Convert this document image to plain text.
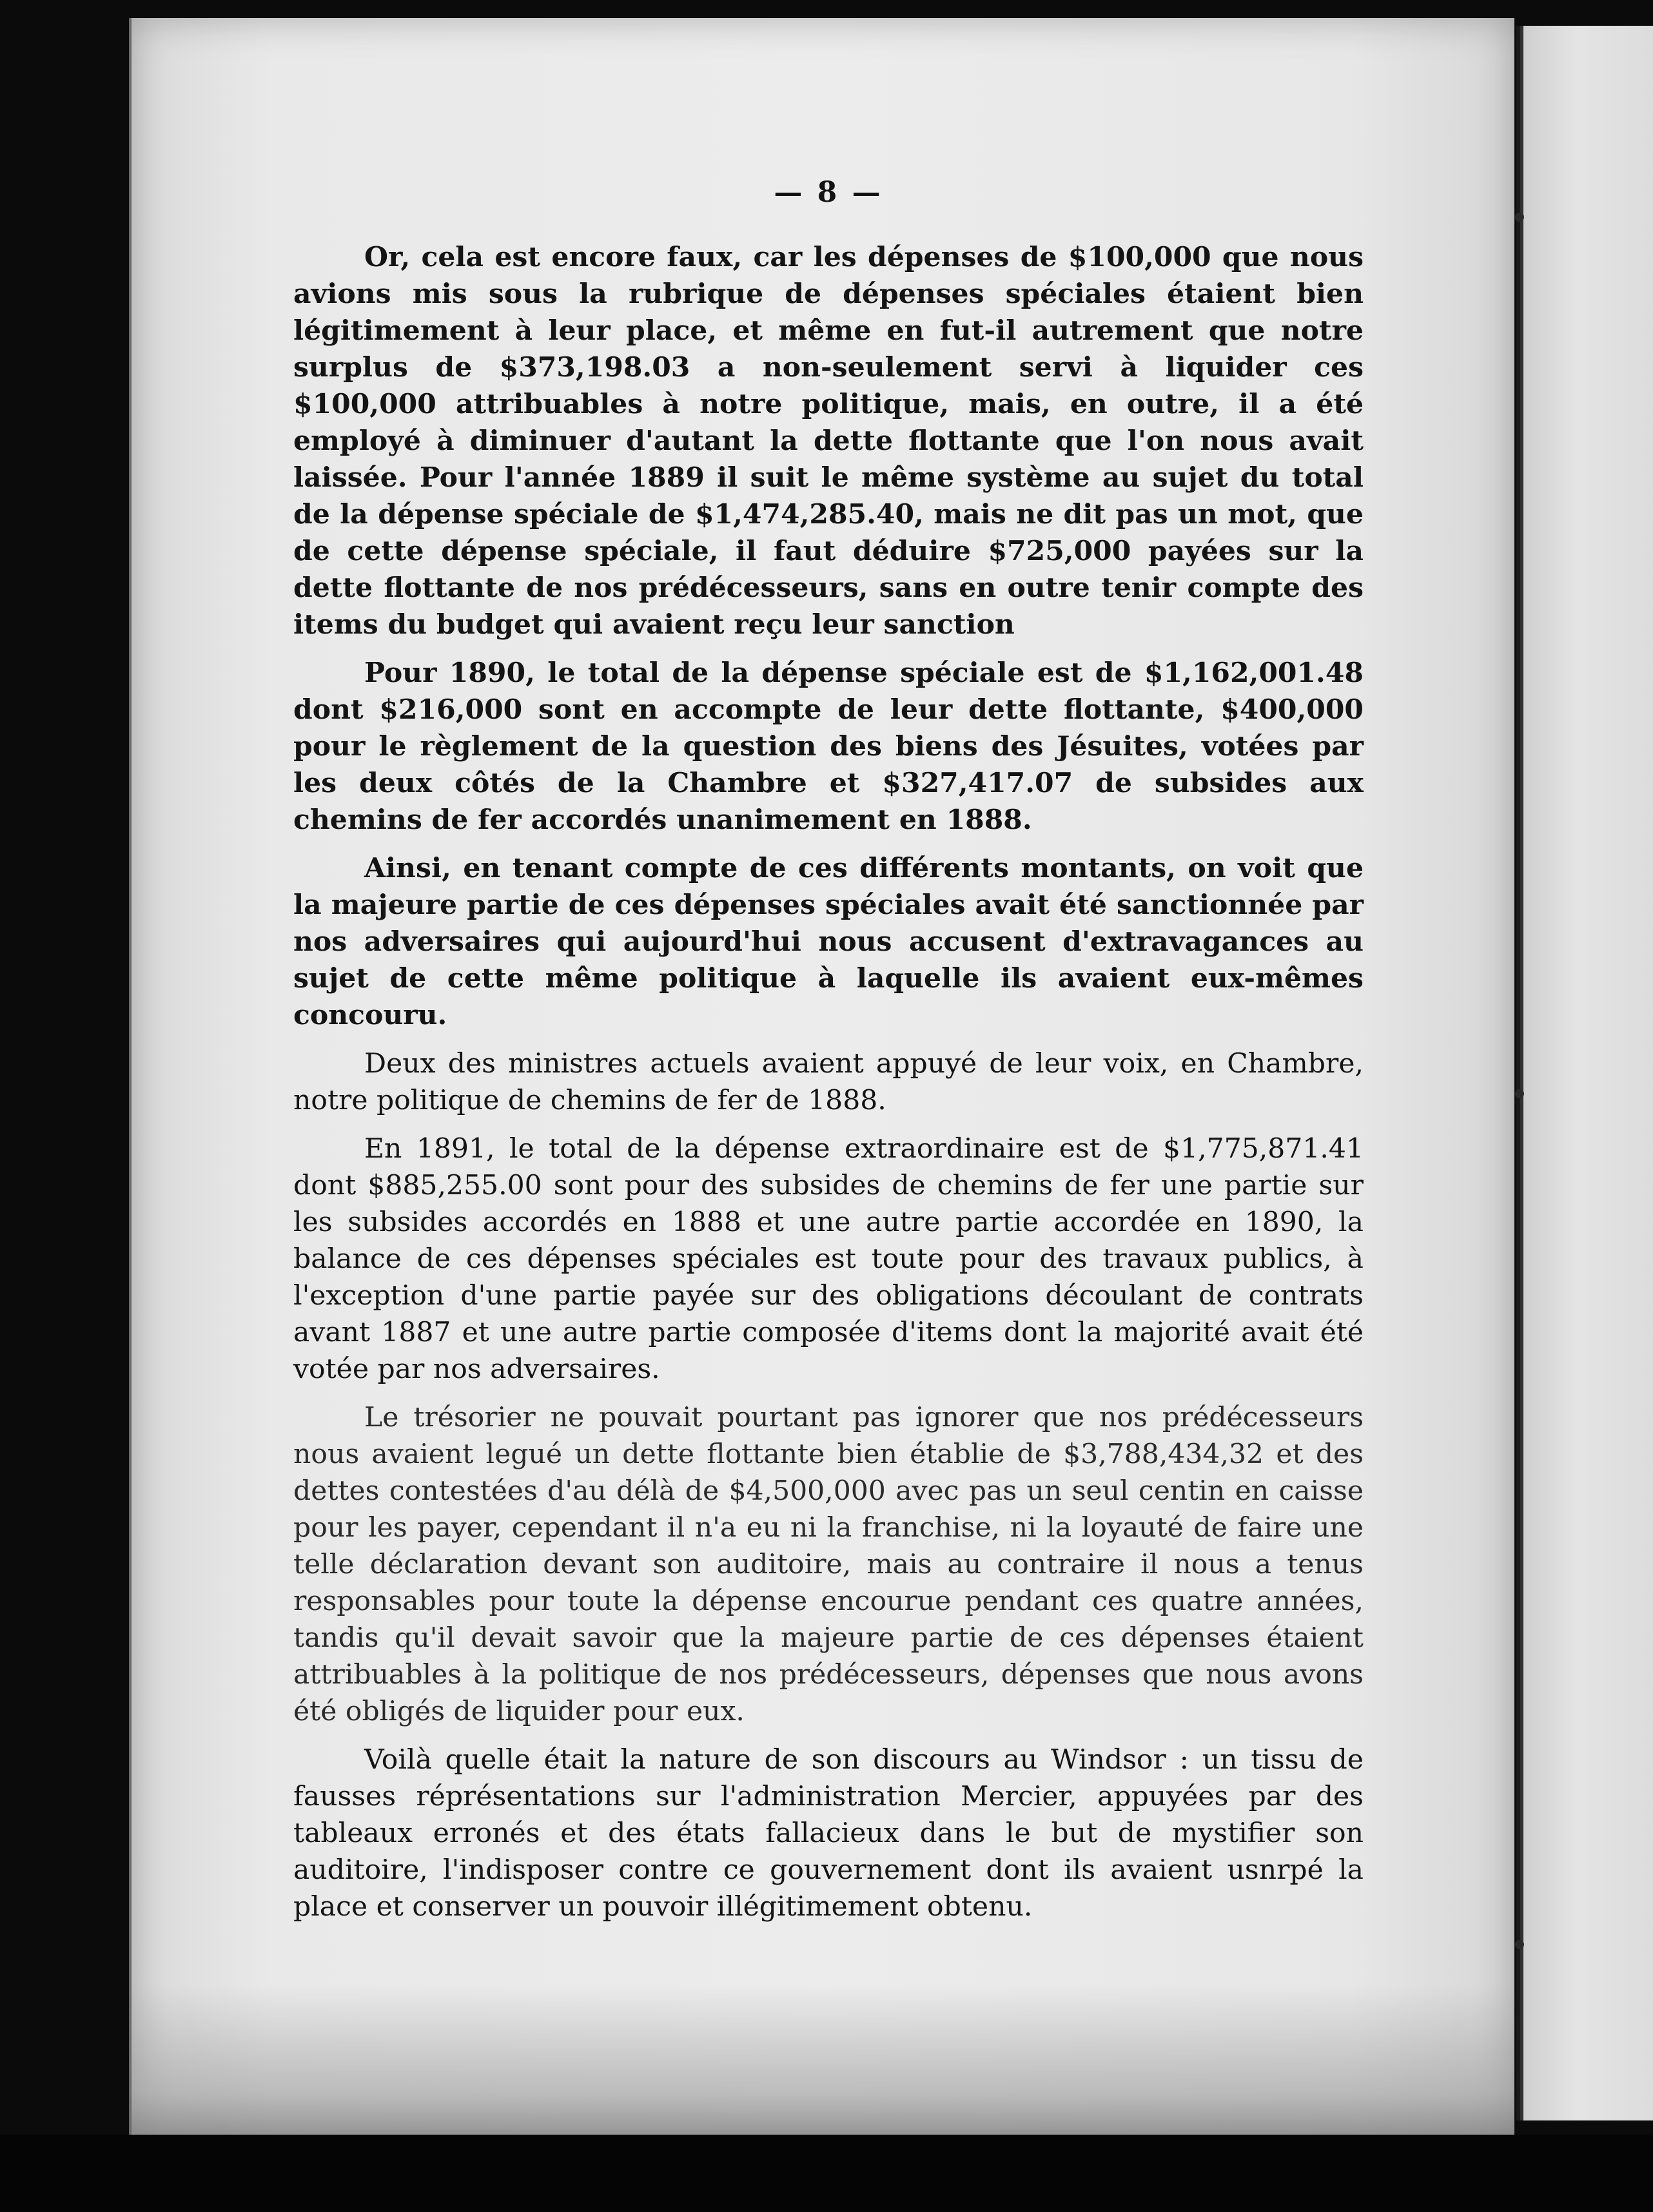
— 8 —

Or, cela est encore faux, car les dépenses de $100,000 que nous avions mis sous la rubrique de dépenses spéciales étaient bien légitimement à leur place, et même en fut-il autrement que notre surplus de $373,198.03 a non-seulement servi à liquider ces $100,000 attribuables à notre politique, mais, en outre, il a été employé à diminuer d'autant la dette flottante que l'on nous avait laissée. Pour l'année 1889 il suit le même système au sujet du total de la dépense spéciale de $1,474,285.40, mais ne dit pas un mot, que de cette dépense spéciale, il faut déduire $725,000 payées sur la dette flottante de nos prédécesseurs, sans en outre tenir compte des items du budget qui avaient reçu leur sanction

Pour 1890, le total de la dépense spéciale est de $1,162,001.48 dont $216,000 sont en accompte de leur dette flottante, $400,000 pour le règlement de la question des biens des Jésuites, votées par les deux côtés de la Chambre et $327,417.07 de subsides aux chemins de fer accordés unanimement en 1888.

Ainsi, en tenant compte de ces différents montants, on voit que la majeure partie de ces dépenses spéciales avait été sanctionnée par nos adversaires qui aujourd'hui nous accusent d'extravagances au sujet de cette même politique à laquelle ils avaient eux-mêmes concouru.

Deux des ministres actuels avaient appuyé de leur voix, en Chambre, notre politique de chemins de fer de 1888.

En 1891, le total de la dépense extraordinaire est de $1,775,871.41 dont $885,255.00 sont pour des subsides de chemins de fer une partie sur les subsides accordés en 1888 et une autre partie accordée en 1890, la balance de ces dépenses spéciales est toute pour des travaux publics, à l'exception d'une partie payée sur des obligations découlant de contrats avant 1887 et une autre partie composée d'items dont la majorité avait été votée par nos adversaires.

Le trésorier ne pouvait pourtant pas ignorer que nos prédécesseurs nous avaient legué un dette flottante bien établie de $3,788,434,32 et des dettes contestées d'au délà de $4,500,000 avec pas un seul centin en caisse pour les payer, cependant il n'a eu ni la franchise, ni la loyauté de faire une telle déclaration devant son auditoire, mais au contraire il nous a tenus responsables pour toute la dépense encourue pendant ces quatre années, tandis qu'il devait savoir que la majeure partie de ces dépenses étaient attribuables à la politique de nos prédécesseurs, dépenses que nous avons été obligés de liquider pour eux.

Voilà quelle était la nature de son discours au Windsor : un tissu de fausses réprésentations sur l'administration Mercier, appuyées par des tableaux erronés et des états fallacieux dans le but de mystifier son auditoire, l'indisposer contre ce gouvernement dont ils avaient usnrpé la place et conserver un pouvoir illégitimement obtenu.
